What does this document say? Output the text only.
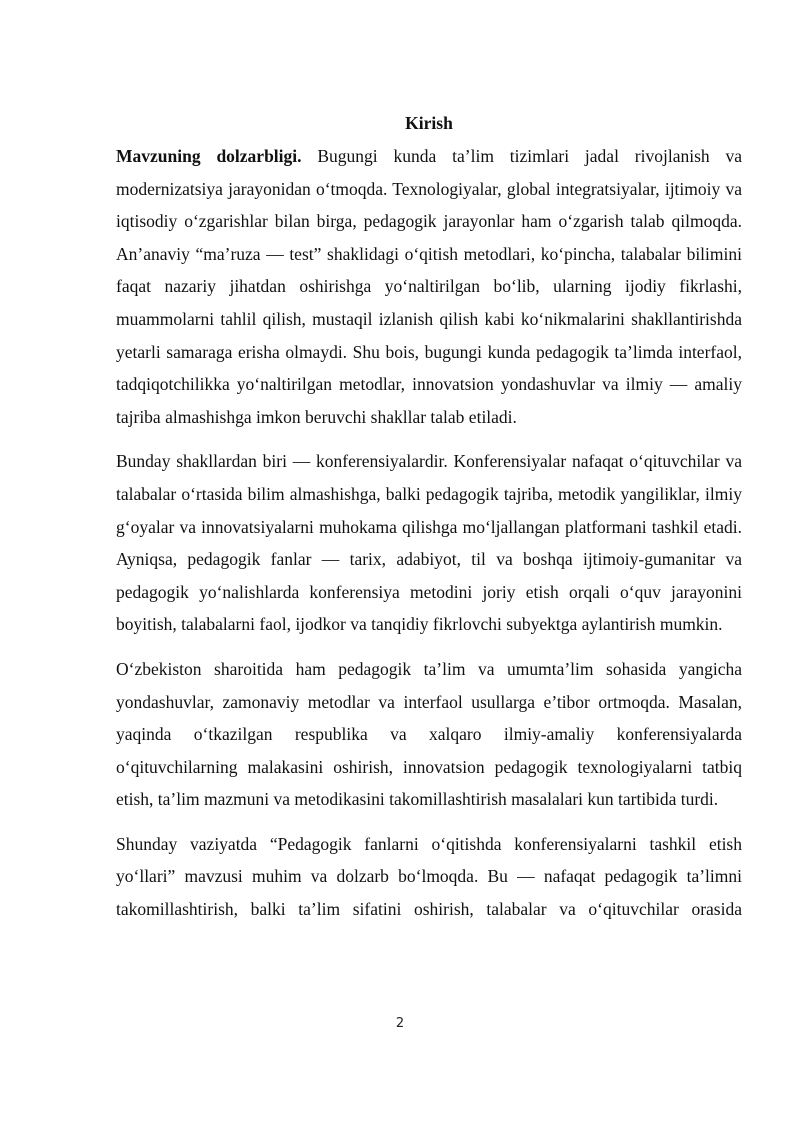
Kirish

Mavzuning dolzarbligi. Bugungi kunda ta’lim tizimlari jadal rivojlanish va modernizatsiya jarayonidan o‘tmoqda. Texnologiyalar, global integratsiyalar, ijtimoiy va iqtisodiy o‘zgarishlar bilan birga, pedagogik jarayonlar ham o‘zgarish talab qilmoqda. An’anaviy “ma’ruza — test” shaklidagi o‘qitish metodlari, ko‘pincha, talabalar bilimini faqat nazariy jihatdan oshirishga yo‘naltirilgan bo‘lib, ularning ijodiy fikrlashi, muammolarni tahlil qilish, mustaqil izlanish qilish kabi ko‘nikmalarini shakllantirishda yetarli samaraga erisha olmaydi. Shu bois, bugungi kunda pedagogik ta’limda interfaol, tadqiqotchilikka yo‘naltirilgan metodlar, innovatsion yondashuvlar va ilmiy — amaliy tajriba almashishga imkon beruvchi shakllar talab etiladi.

Bunday shakllardan biri — konferensiyalardir. Konferensiyalar nafaqat o‘qituvchilar va talabalar o‘rtasida bilim almashishga, balki pedagogik tajriba, metodik yangiliklar, ilmiy g‘oyalar va innovatsiyalarni muhokama qilishga mo‘ljallangan platformani tashkil etadi. Ayniqsa, pedagogik fanlar — tarix, adabiyot, til va boshqa ijtimoiy-gumanitar va pedagogik yo‘nalishlarda konferensiya metodini joriy etish orqali o‘quv jarayonini boyitish, talabalarni faol, ijodkor va tanqidiy fikrlovchi subyektga aylantirish mumkin.

O‘zbekiston sharoitida ham pedagogik ta’lim va umumta’lim sohasida yangicha yondashuvlar, zamonaviy metodlar va interfaol usullarga e’tibor ortmoqda. Masalan, yaqinda o‘tkazilgan respublika va xalqaro ilmiy-amaliy konferensiyalarda o‘qituvchilarning malakasini oshirish, innovatsion pedagogik texnologiyalarni tatbiq etish, ta’lim mazmuni va metodikasini takomillashtirish masalalari kun tartibida turdi.

Shunday vaziyatda “Pedagogik fanlarni o‘qitishda konferensiyalarni tashkil etish yo‘llari” mavzusi muhim va dolzarb bo‘lmoqda. Bu — nafaqat pedagogik ta’limni takomillashtirish, balki ta’lim sifatini oshirish, talabalar va o‘qituvchilar orasida

2
